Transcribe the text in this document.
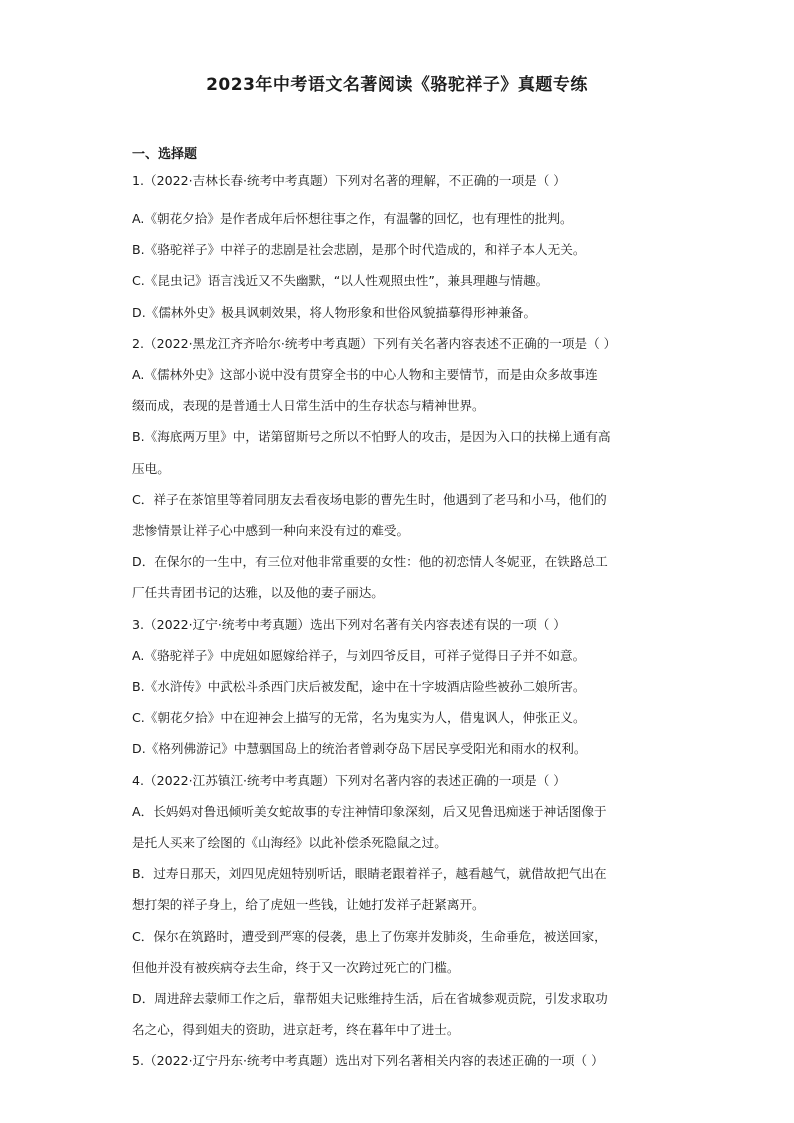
2023年中考语文名著阅读《骆驼祥子》真题专练
一、选择题
1.（2022·吉林长春·统考中考真题）下列对名著的理解，不正确的一项是（ ）
A.《朝花夕拾》是作者成年后怀想往事之作，有温馨的回忆，也有理性的批判。
B.《骆驼祥子》中祥子的悲剧是社会悲剧，是那个时代造成的，和祥子本人无关。
C.《昆虫记》语言浅近又不失幽默，“以人性观照虫性”，兼具理趣与情趣。
D.《儒林外史》极具讽刺效果，将人物形象和世俗风貌描摹得形神兼备。
2.（2022·黑龙江齐齐哈尔·统考中考真题）下列有关名著内容表述不正确的一项是（ ）
A.《儒林外史》这部小说中没有贯穿全书的中心人物和主要情节，而是由众多故事连
缀而成，表现的是普通士人日常生活中的生存状态与精神世界。
B.《海底两万里》中，诺第留斯号之所以不怕野人的攻击，是因为入口的扶梯上通有高
压电。
C．祥子在茶馆里等着同朋友去看夜场电影的曹先生时，他遇到了老马和小马，他们的
悲惨情景让祥子心中感到一种向来没有过的难受。
D．在保尔的一生中，有三位对他非常重要的女性：他的初恋情人冬妮亚，在铁路总工
厂任共青团书记的达雅，以及他的妻子丽达。
3.（2022·辽宁·统考中考真题）选出下列对名著有关内容表述有误的一项（ ）
A.《骆驼祥子》中虎妞如愿嫁给祥子，与刘四爷反目，可祥子觉得日子并不如意。
B.《水浒传》中武松斗杀西门庆后被发配，途中在十字坡酒店险些被孙二娘所害。
C.《朝花夕拾》中在迎神会上描写的无常，名为鬼实为人，借鬼讽人，伸张正义。
D.《格列佛游记》中慧骃国岛上的统治者曾剥夺岛下居民享受阳光和雨水的权利。
4.（2022·江苏镇江·统考中考真题）下列对名著内容的表述正确的一项是（ ）
A．长妈妈对鲁迅倾听美女蛇故事的专注神情印象深刻，后又见鲁迅痴迷于神话图像于
是托人买来了绘图的《山海经》以此补偿杀死隐鼠之过。
B．过寿日那天，刘四见虎妞特别听话，眼睛老跟着祥子，越看越气，就借故把气出在
想打架的祥子身上，给了虎妞一些钱，让她打发祥子赶紧离开。
C．保尔在筑路时，遭受到严寒的侵袭，患上了伤寒并发肺炎，生命垂危，被送回家，
但他并没有被疾病夺去生命，终于又一次跨过死亡的门槛。
D．周进辞去蒙师工作之后，靠帮姐夫记账维持生活，后在省城参观贡院，引发求取功
名之心，得到姐夫的资助，进京赶考，终在暮年中了进士。
5.（2022·辽宁丹东·统考中考真题）选出对下列名著相关内容的表述正确的一项（ ）
